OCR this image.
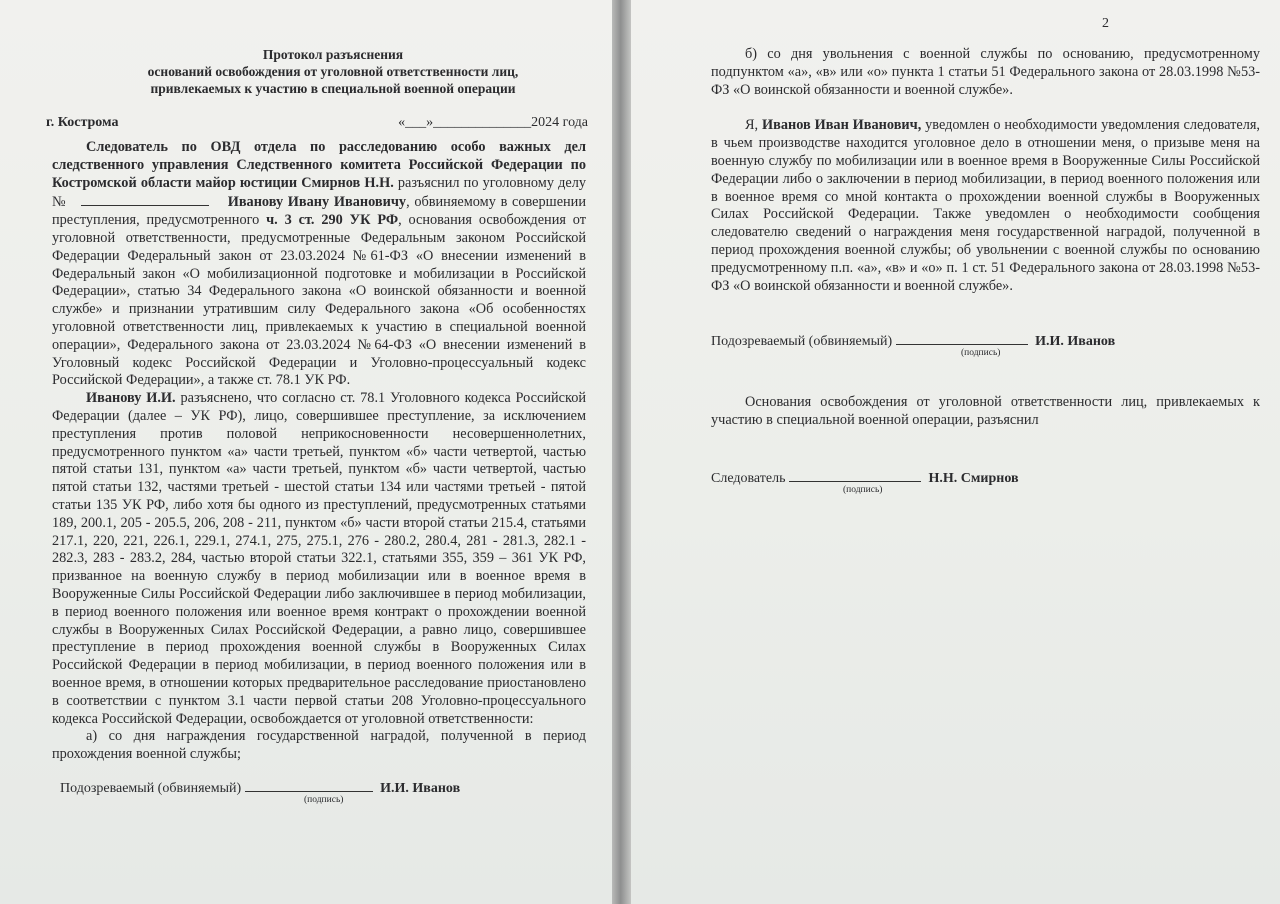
Протокол разъяснения
оснований освобождения от уголовной ответственности лиц,
привлекаемых к участию в специальной военной операции
г. Кострома	«___»______________2024 года
Следователь по ОВД отдела по расследованию особо важных дел следственного управления Следственного комитета Российской Федерации по Костромской области майор юстиции Смирнов Н.Н. разъяснил по уголовному делу №	Иванову Ивану Ивановичу, обвиняемому в совершении преступления, предусмотренного ч. 3 ст. 290 УК РФ, основания освобождения от уголовной ответственности, предусмотренные Федеральным законом Российской Федерации Федеральный закон от 23.03.2024 №61-ФЗ «О внесении изменений в Федеральный закон «О мобилизационной подготовке и мобилизации в Российской Федерации», статью 34 Федерального закона «О воинской обязанности и военной службе» и признании утратившим силу Федерального закона «Об особенностях уголовной ответственности лиц, привлекаемых к участию в специальной военной операции», Федерального закона от 23.03.2024 №64-ФЗ «О внесении изменений в Уголовный кодекс Российской Федерации и Уголовно-процессуальный кодекс Российской Федерации», а также ст. 78.1 УК РФ.
Иванову И.И. разъяснено, что согласно ст. 78.1 Уголовного кодекса Российской Федерации (далее – УК РФ), лицо, совершившее преступление, за исключением преступления против половой неприкосновенности несовершеннолетних, предусмотренного пунктом «а» части третьей, пунктом «б» части четвертой, частью пятой статьи 131, пунктом «а» части третьей, пунктом «б» части четвертой, частью пятой статьи 132, частями третьей - шестой статьи 134 или частями третьей - пятой статьи 135 УК РФ, либо хотя бы одного из преступлений, предусмотренных статьями 189, 200.1, 205 - 205.5, 206, 208 - 211, пунктом «б» части второй статьи 215.4, статьями 217.1, 220, 221, 226.1, 229.1, 274.1, 275, 275.1, 276 - 280.2, 280.4, 281 - 281.3, 282.1 - 282.3, 283 - 283.2, 284, частью второй статьи 322.1, статьями 355, 359 – 361 УК РФ, призванное на военную службу в период мобилизации или в военное время в Вооруженные Силы Российской Федерации либо заключившее в период мобилизации, в период военного положения или военное время контракт о прохождении военной службы в Вооруженных Силах Российской Федерации, а равно лицо, совершившее преступление в период прохождения военной службы в Вооруженных Силах Российской Федерации в период мобилизации, в период военного положения или в военное время, в отношении которых предварительное расследование приостановлено в соответствии с пунктом 3.1 части первой статьи 208 Уголовно-процессуального кодекса Российской Федерации, освобождается от уголовной ответственности:
а) со дня награждения государственной наградой, полученной в период прохождения военной службы;
Подозреваемый (обвиняемый)	И.И. Иванов
(подпись)
2
б) со дня увольнения с военной службы по основанию, предусмотренному подпунктом «а», «в» или «о» пункта 1 статьи 51 Федерального закона от 28.03.1998 №53-ФЗ «О воинской обязанности и военной службе».
Я, Иванов Иван Иванович, уведомлен о необходимости уведомления следователя, в чьем производстве находится уголовное дело в отношении меня, о призыве меня на военную службу по мобилизации или в военное время в Вооруженные Силы Российской Федерации либо о заключении в период мобилизации, в период военного положения или в военное время со мной контакта о прохождении военной службы в Вооруженных Силах Российской Федерации. Также уведомлен о необходимости сообщения следователю сведений о награждения меня государственной наградой, полученной в период прохождения военной службы; об увольнении с военной службы по основанию предусмотренному п.п. «а», «в» и «о» п. 1 ст. 51 Федерального закона от 28.03.1998 №53-ФЗ «О воинской обязанности и военной службе».
Подозреваемый (обвиняемый)	И.И. Иванов
(подпись)
Основания освобождения от уголовной ответственности лиц, привлекаемых к участию в специальной военной операции, разъяснил
Следователь	Н.Н. Смирнов
(подпись)
